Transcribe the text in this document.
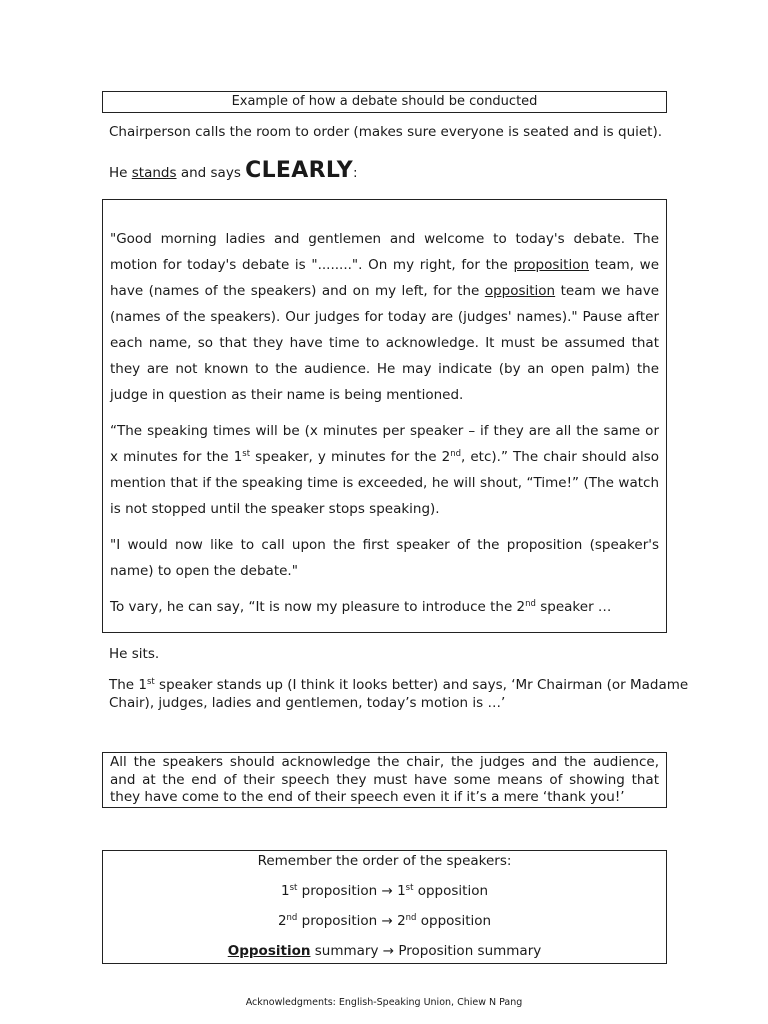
Example of how a debate should be conducted
Chairperson calls the room to order (makes sure everyone is seated and is quiet).
He stands and says CLEARLY:

"Good morning ladies and gentlemen and welcome to today's debate. The motion for today's debate is "........". On my right, for the proposition team, we have (names of the speakers) and on my left, for the opposition team we have (names of the speakers). Our judges for today are (judges' names)." Pause after each name, so that they have time to acknowledge. It must be assumed that they are not known to the audience. He may indicate (by an open palm) the judge in question as their name is being mentioned.

“The speaking times will be (x minutes per speaker – if they are all the same or x minutes for the 1st speaker, y minutes for the 2nd, etc).” The chair should also mention that if the speaking time is exceeded, he will shout, “Time!” (The watch is not stopped until the speaker stops speaking).

"I would now like to call upon the first speaker of the proposition (speaker's name) to open the debate."

To vary, he can say, “It is now my pleasure to introduce the 2nd speaker …

He sits.
The 1st speaker stands up (I think it looks better) and says, ‘Mr Chairman (or Madame
Chair), judges, ladies and gentlemen, today’s motion is …’
All the speakers should acknowledge the chair, the judges and the audience, and at the end of their speech they must have some means of showing that they have come to the end of their speech even it if it’s a mere ‘thank you!’
Remember the order of the speakers:
1st proposition → 1st opposition
2nd proposition → 2nd opposition
Opposition summary → Proposition summary
Acknowledgments: English-Speaking Union, Chiew N Pang
